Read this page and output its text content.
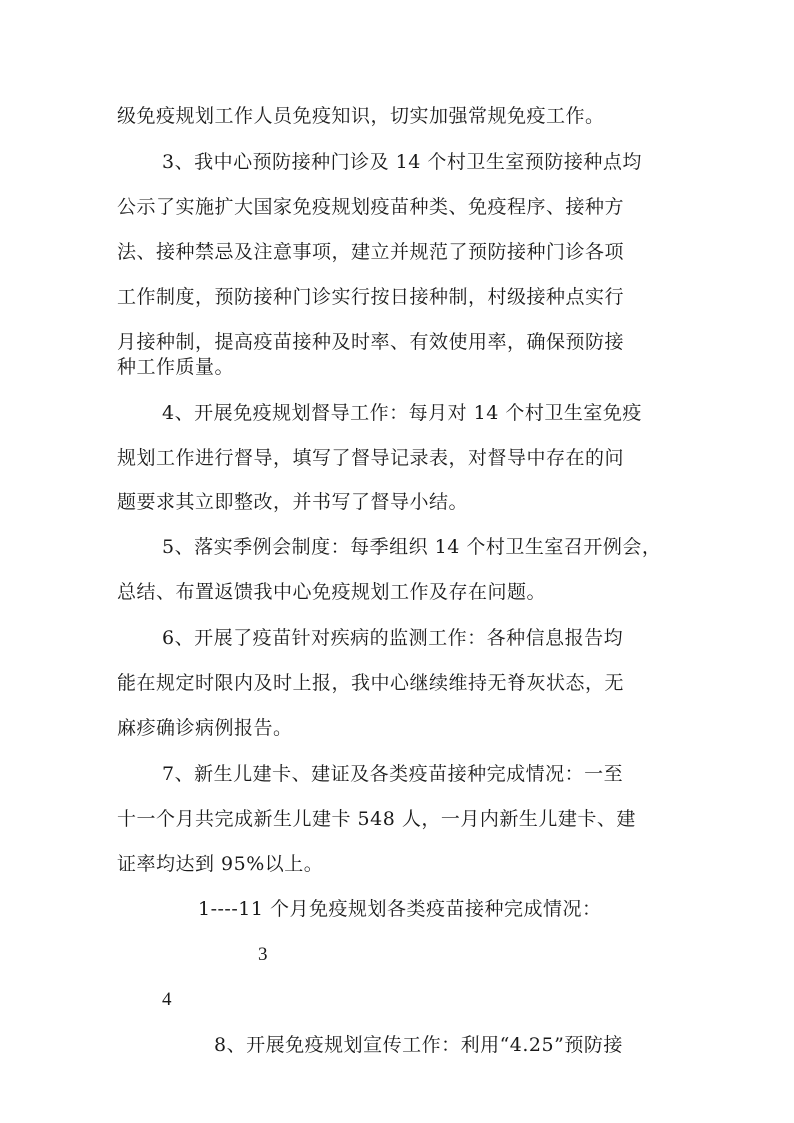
级免疫规划工作人员免疫知识，切实加强常规免疫工作。
3、我中心预防接种门诊及 14 个村卫生室预防接种点均
公示了实施扩大国家免疫规划疫苗种类、免疫程序、接种方
法、接种禁忌及注意事项，建立并规范了预防接种门诊各项
工作制度，预防接种门诊实行按日接种制，村级接种点实行
月接种制，提高疫苗接种及时率、有效使用率，确保预防接
种工作质量。
4、开展免疫规划督导工作：每月对 14 个村卫生室免疫
规划工作进行督导，填写了督导记录表，对督导中存在的问
题要求其立即整改，并书写了督导小结。
5、落实季例会制度：每季组织 14 个村卫生室召开例会，
总结、布置返馈我中心免疫规划工作及存在问题。
6、开展了疫苗针对疾病的监测工作：各种信息报告均
能在规定时限内及时上报，我中心继续维持无脊灰状态，无
麻疹确诊病例报告。
7、新生儿建卡、建证及各类疫苗接种完成情况：一至
十一个月共完成新生儿建卡 548 人，一月内新生儿建卡、建
证率均达到 95%以上。
1----11 个月免疫规划各类疫苗接种完成情况：
3
4
8、开展免疫规划宣传工作：利用“4.25”预防接
